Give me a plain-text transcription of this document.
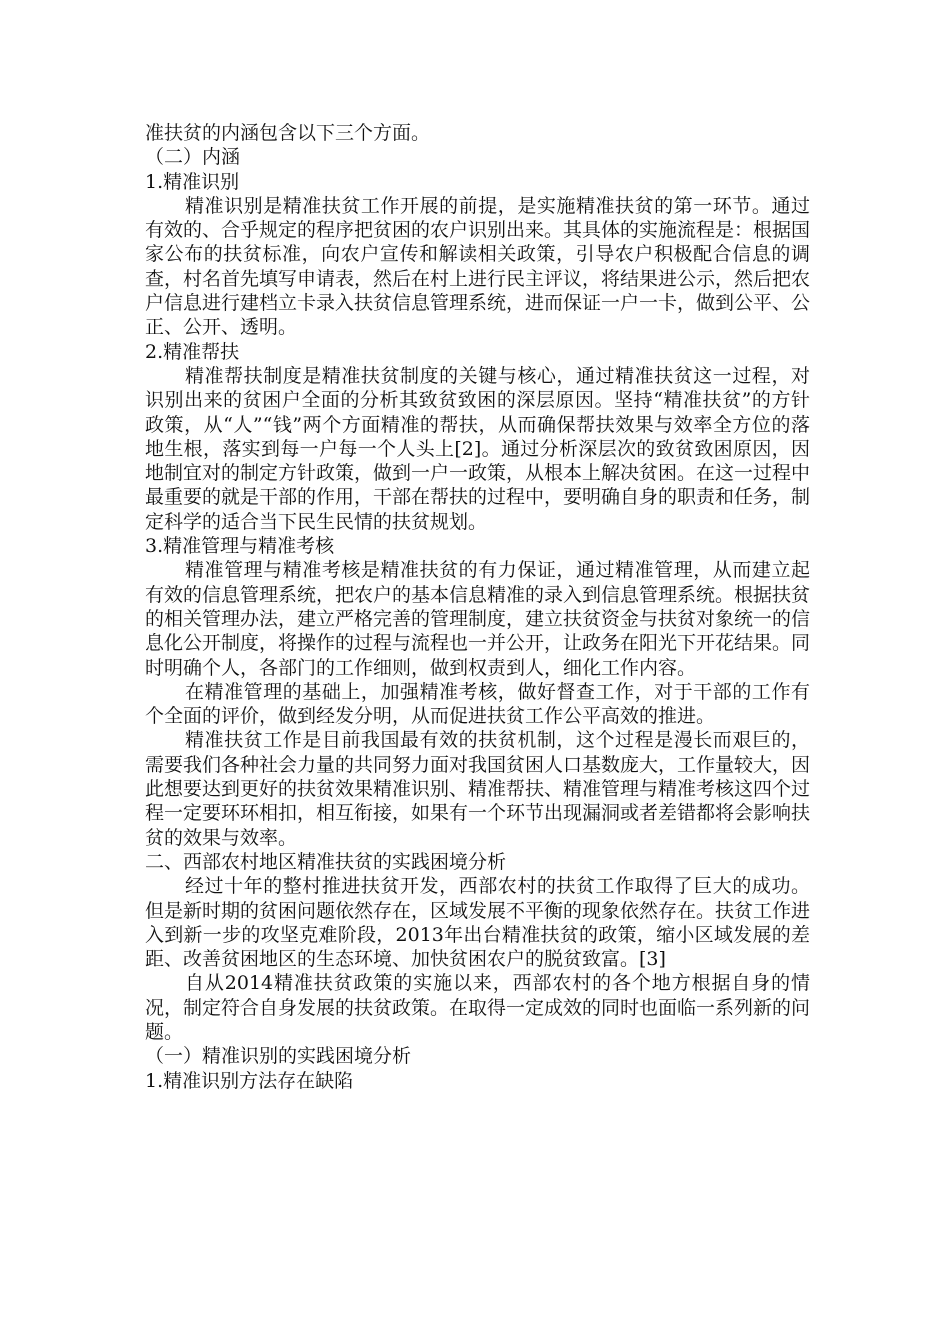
准扶贫的内涵包含以下三个方面。

（二）内涵

1.精准识别

精准识别是精准扶贫工作开展的前提，是实施精准扶贫的第一环节。通过有效的、合乎规定的程序把贫困的农户识别出来。其具体的实施流程是：根据国家公布的扶贫标准，向农户宣传和解读相关政策，引导农户积极配合信息的调查，村名首先填写申请表，然后在村上进行民主评议，将结果进公示，然后把农户信息进行建档立卡录入扶贫信息管理系统，进而保证一户一卡，做到公平、公正、公开、透明。

2.精准帮扶

精准帮扶制度是精准扶贫制度的关键与核心，通过精准扶贫这一过程，对识别出来的贫困户全面的分析其致贫致困的深层原因。坚持“精准扶贫”的方针政策，从“人”“钱”两个方面精准的帮扶，从而确保帮扶效果与效率全方位的落地生根，落实到每一户每一个人头上[2]。通过分析深层次的致贫致困原因，因地制宜对的制定方针政策，做到一户一政策，从根本上解决贫困。在这一过程中最重要的就是干部的作用，干部在帮扶的过程中，要明确自身的职责和任务，制定科学的适合当下民生民情的扶贫规划。

3.精准管理与精准考核

精准管理与精准考核是精准扶贫的有力保证，通过精准管理，从而建立起有效的信息管理系统，把农户的基本信息精准的录入到信息管理系统。根据扶贫的相关管理办法，建立严格完善的管理制度，建立扶贫资金与扶贫对象统一的信息化公开制度，将操作的过程与流程也一并公开，让政务在阳光下开花结果。同时明确个人，各部门的工作细则，做到权责到人，细化工作内容。

在精准管理的基础上，加强精准考核，做好督查工作，对于干部的工作有个全面的评价，做到经发分明，从而促进扶贫工作公平高效的推进。

精准扶贫工作是目前我国最有效的扶贫机制，这个过程是漫长而艰巨的，需要我们各种社会力量的共同努力面对我国贫困人口基数庞大，工作量较大，因此想要达到更好的扶贫效果精准识别、精准帮扶、精准管理与精准考核这四个过程一定要环环相扣，相互衔接，如果有一个环节出现漏洞或者差错都将会影响扶贫的效果与效率。

二、西部农村地区精准扶贫的实践困境分析

经过十年的整村推进扶贫开发，西部农村的扶贫工作取得了巨大的成功。但是新时期的贫困问题依然存在，区域发展不平衡的现象依然存在。扶贫工作进入到新一步的攻坚克难阶段，2013年出台精准扶贫的政策，缩小区域发展的差距、改善贫困地区的生态环境、加快贫困农户的脱贫致富。[3]

自从2014精准扶贫政策的实施以来，西部农村的各个地方根据自身的情况，制定符合自身发展的扶贫政策。在取得一定成效的同时也面临一系列新的问题。

（一）精准识别的实践困境分析

1.精准识别方法存在缺陷
